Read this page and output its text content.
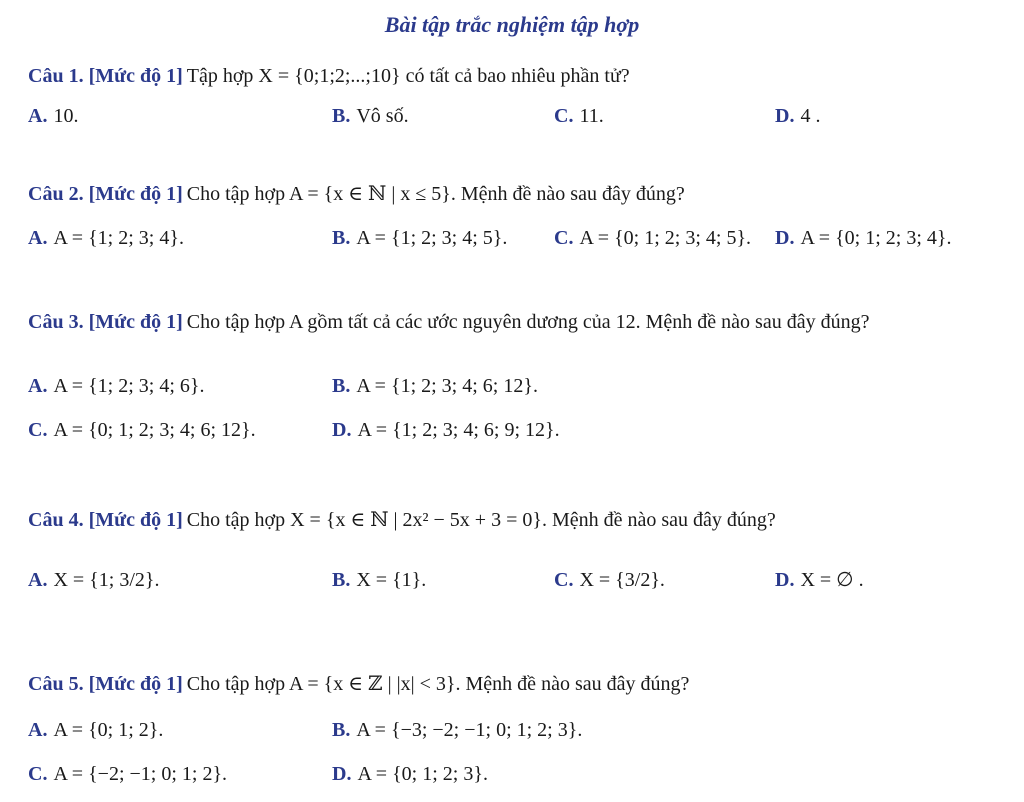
Bài tập trắc nghiệm tập hợp
Câu 1. [Mức độ 1] Tập hợp X = {0;1;2;...;10} có tất cả bao nhiêu phần tử?
A. 10.	B. Vô số.	C. 11.	D. 4 .
Câu 2. [Mức độ 1] Cho tập hợp A = {x ∈ ℕ | x ≤ 5}. Mệnh đề nào sau đây đúng?
A. A = {1; 2; 3; 4}.	B. A = {1; 2; 3; 4; 5}. C. A = {0; 1; 2; 3; 4; 5}. D. A = {0; 1; 2; 3; 4}.
Câu 3. [Mức độ 1] Cho tập hợp A gồm tất cả các ước nguyên dương của 12. Mệnh đề nào sau đây đúng?
A. A = {1; 2; 3; 4; 6}.	B. A = {1; 2; 3; 4; 6; 12}.
C. A = {0; 1; 2; 3; 4; 6; 12}.	D. A = {1; 2; 3; 4; 6; 9; 12}.
Câu 4. [Mức độ 1] Cho tập hợp X = {x ∈ ℕ | 2x² − 5x + 3 = 0}. Mệnh đề nào sau đây đúng?
A. X = {1; 3/2}.	B. X = {1}.	C. X = {3/2}.	D. X = ∅ .
Câu 5. [Mức độ 1] Cho tập hợp A = {x ∈ ℤ | |x| < 3}. Mệnh đề nào sau đây đúng?
A. A = {0; 1; 2}.	B. A = {−3; −2; −1; 0; 1; 2; 3}.
C. A = {−2; −1; 0; 1; 2}.	D. A = {0; 1; 2; 3}.
